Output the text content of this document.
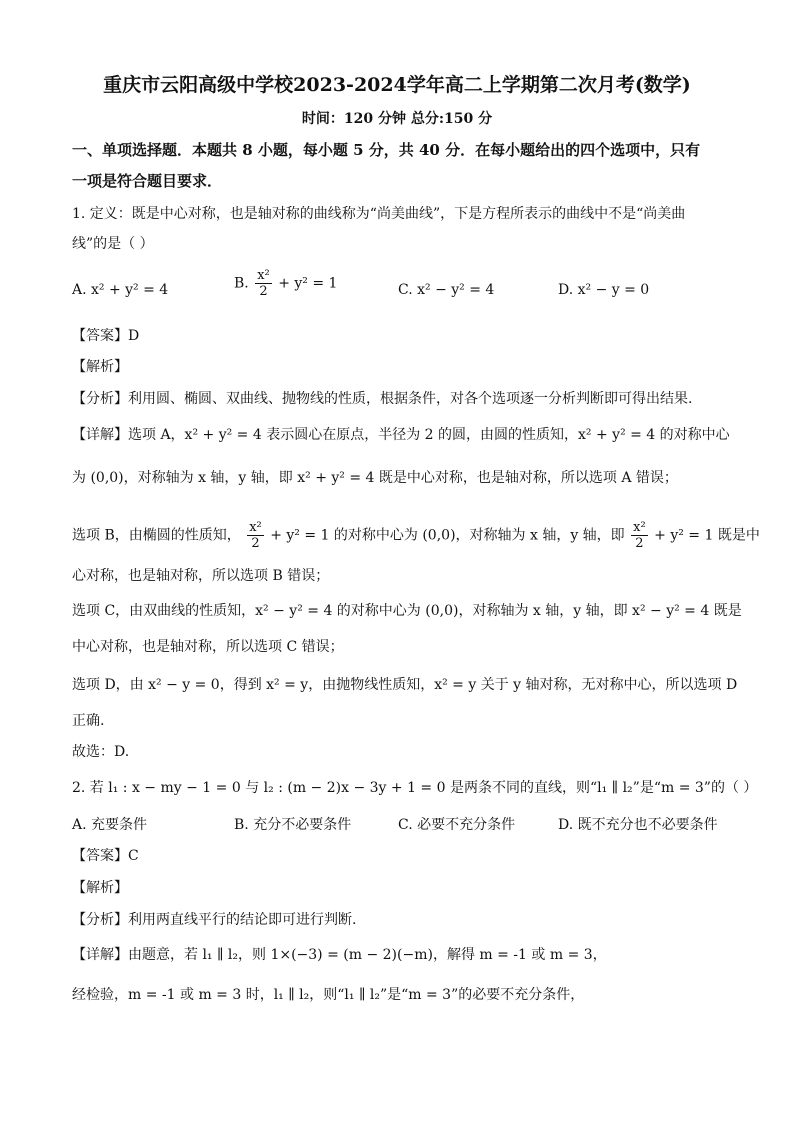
重庆市云阳高级中学校2023-2024学年高二上学期第二次月考(数学)
时间：120 分钟 总分:150 分
一、单项选择题．本题共 8 小题，每小题 5 分，共 40 分．在每小题给出的四个选项中，只有
一项是符合题目要求．
1. 定义：既是中心对称，也是轴对称的曲线称为“尚美曲线”，下是方程所表示的曲线中不是“尚美曲
线”的是（ ）
A. x² + y² = 4	B. $\frac{\text{x²}}{2} + y^2 = 1$	C. x² − y² = 4	D. x² − y = 0
【答案】D
【解析】
【分析】利用圆、椭圆、双曲线、抛物线的性质，根据条件，对各个选项逐一分析判断即可得出结果.
【详解】选项 A，x² + y² = 4 表示圆心在原点，半径为 2 的圆，由圆的性质知，x² + y² = 4 的对称中心
为 (0,0)，对称轴为 x 轴，y 轴，即 x² + y² = 4 既是中心对称，也是轴对称，所以选项 A 错误；
选项 B，由椭圆的性质知， $\frac{\text{x²}}{2} + y^2 = 1$ 的对称中心为 (0,0)，对称轴为 x 轴，y 轴，即 $\frac{\text{x²}}{2} + y^2 = 1$ 既是中
心对称，也是轴对称，所以选项 B 错误；
选项 C，由双曲线的性质知，x² − y² = 4 的对称中心为 (0,0)，对称轴为 x 轴，y 轴，即 x² − y² = 4 既是
中心对称，也是轴对称，所以选项 C 错误；
选项 D，由 x² − y = 0，得到 x² = y，由抛物线性质知，x² = y 关于 y 轴对称，无对称中心，所以选项 D
正确.
故选：D.
2. 若 l₁ : x − my − 1 = 0 与 l₂ : (m − 2)x − 3y + 1 = 0 是两条不同的直线，则“l₁ ∥ l₂”是“m = 3”的（ ）
A. 充要条件	B. 充分不必要条件	C. 必要不充分条件	D. 既不充分也不必要条件
【答案】C
【解析】
【分析】利用两直线平行的结论即可进行判断.
【详解】由题意，若 l₁ ∥ l₂，则 1×(−3) = (m − 2)(−m)，解得 m = -1 或 m = 3，
经检验，m = -1 或 m = 3 时，l₁ ∥ l₂，则“l₁ ∥ l₂”是“m = 3”的必要不充分条件，
